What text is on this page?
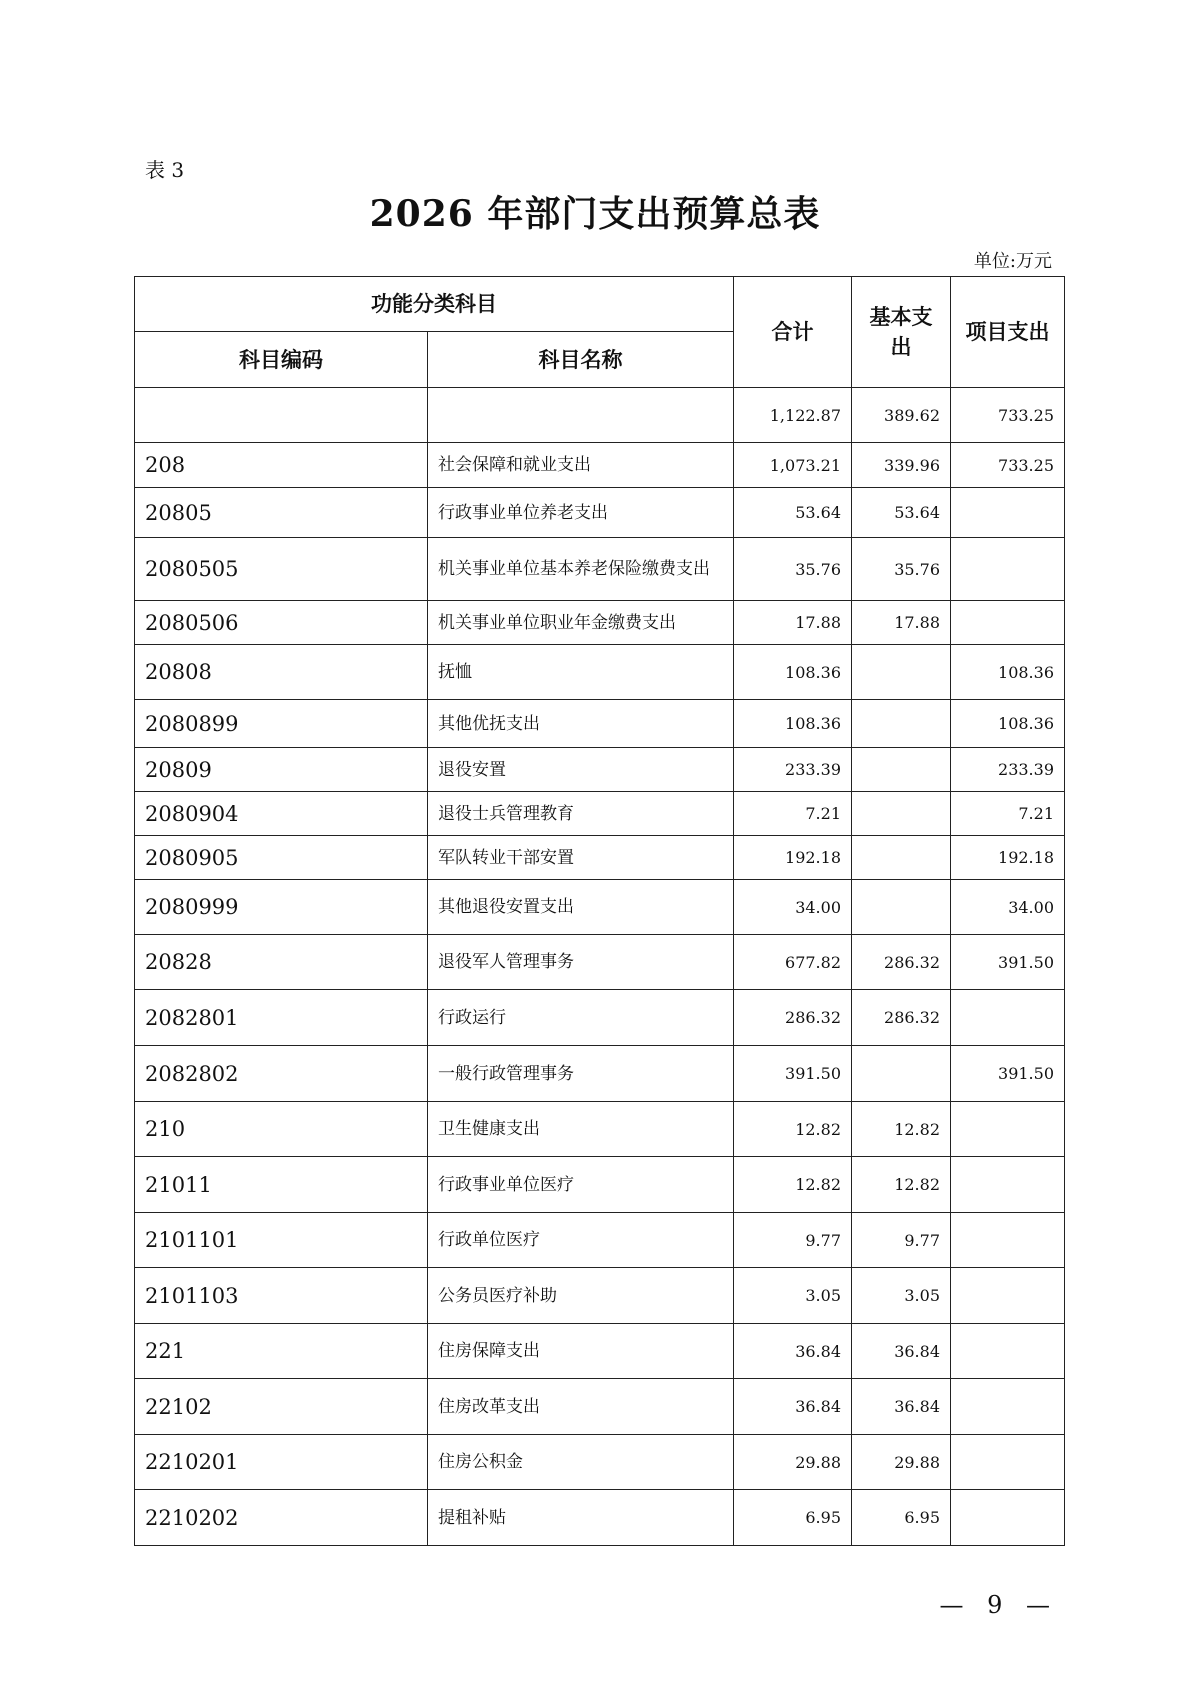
表 3
2026 年部门支出预算总表
单位:万元
功能分类科目		合计	基本支出	项目支出
科目编码	科目名称			
		1,122.87	389.62	733.25
208	社会保障和就业支出	1,073.21	339.96	733.25
20805	行政事业单位养老支出	53.64	53.64	
2080505	机关事业单位基本养老保险缴费支出	35.76	35.76	
2080506	机关事业单位职业年金缴费支出	17.88	17.88	
20808	抚恤	108.36		108.36
2080899	其他优抚支出	108.36		108.36
20809	退役安置	233.39		233.39
2080904	退役士兵管理教育	7.21		7.21
2080905	军队转业干部安置	192.18		192.18
2080999	其他退役安置支出	34.00		34.00
20828	退役军人管理事务	677.82	286.32	391.50
2082801	行政运行	286.32	286.32	
2082802	一般行政管理事务	391.50		391.50
210	卫生健康支出	12.82	12.82	
21011	行政事业单位医疗	12.82	12.82	
2101101	行政单位医疗	9.77	9.77	
2101103	公务员医疗补助	3.05	3.05	
221	住房保障支出	36.84	36.84	
22102	住房改革支出	36.84	36.84	
2210201	住房公积金	29.88	29.88	
2210202	提租补贴	6.95	6.95	
— 9 —
